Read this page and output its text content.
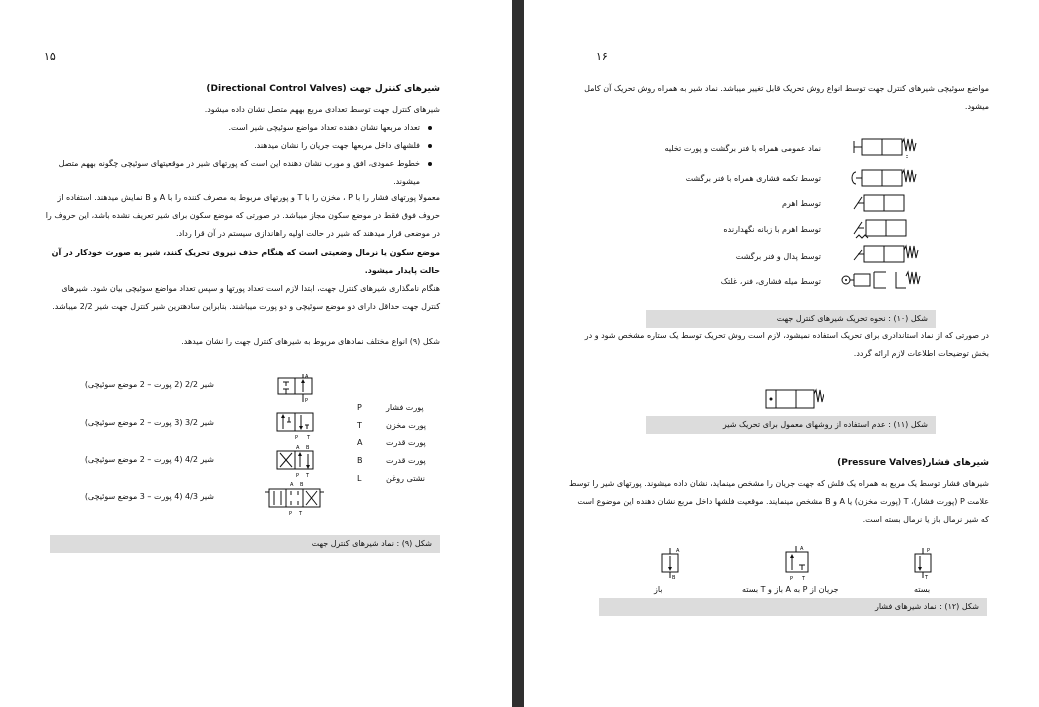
۱۵
شیرهای کنترل جهت (Directional Control Valves)
شیرهای کنترل جهت توسط تعدادی مربع بههم متصل نشان داده میشود.
تعداد مربعها نشان دهنده تعداد مواضع سوئیچی شیر است.
فلشهای داخل مربعها جهت جریان را نشان میدهند.
خطوط عمودی، افق و مورب نشان دهنده این است که پورتهای شیر در موقعیتهای سوئیچی چگونه بههم متصل میشوند.
معمولا پورتهای فشار را با P ، مخزن را با T و پورتهای مربوط به مصرف کننده را با A و B نمایش میدهند. استفاده از حروف فوق فقط در موضع سکون مجاز میباشد. در صورتی که موضع سکون برای شیر تعریف نشده باشد، این حروف را در موضعی قرار میدهند که شیر در حالت اولیه راهاندازی سیستم در آن قرا رداد.
موضع سکون یا نرمال وضعیتی است که هنگام حذف نیروی تحریک کنند، شیر به صورت خودکار در آن حالت پایدار میشود.
هنگام نامگذاری شیرهای کنترل جهت، ابتدا لازم است تعداد پورتها و سپس تعداد مواضع سوئیچی بیان شود. شیرهای کنترل جهت حداقل دارای دو موضع سوئیچی و دو پورت میباشند. بنابراین سادهترین شیر کنترل جهت شیر 2/2 میباشد.
شکل (۹) انواع مختلف نمادهای مربوط به شیرهای کنترل جهت را نشان میدهد.
شیر 2/2 (2 پورت – 2 موضع سوئیچی)
شیر 3/2 (3 پورت – 2 موضع سوئیچی)
شیر 4/2 (4 پورت – 2 موضع سوئیچی)
شیر 4/3 (4 پورت – 3 موضع سوئیچی)
A
P
P T
A B
P T
A B
P T
P	پورت فشار
T	پورت مخزن
A	پورت قدرت
B	پورت قدرت
L	نشتی روغن
شکل (۹) : نماد شیرهای کنترل جهت
۱۶
مواضع سوئیچی شیرهای کنترل جهت توسط انواع روش تحریک قابل تغییر میباشد. نماد شیر به همراه روش تحریک آن کامل میشود.
نماد عمومی همراه با فنر برگشت و پورت تخلیه
توسط تکمه فشاری همراه با فنر برگشت
توسط اهرم
توسط اهرم با زبانه نگهدارنده
توسط پدال و فنر برگشت
توسط میله فشاری، فنر، غلتک
شکل (۱۰) : نحوه تحریک شیرهای کنترل جهت
در صورتی که از نماد استاندادری برای تحریک استفاده نمیشود، لازم است روش تحریک توسط یک ستاره مشخص شود و در بخش توضیحات اطلاعات لازم ارائه گردد.
شکل (۱۱) : عدم استفاده از روشهای معمول برای تحریک شیر
شیرهای فشار(Pressure Valves)
شیرهای فشار توسط یک مربع به همراه یک فلش که جهت جریان را مشخص مینماید، نشان داده میشوند. پورتهای شیر را توسط علامت P (پورت فشار)، T (پورت مخزن) یا A و B مشخص مینمایند. موقعیت فلشها داخل مربع نشان دهنده این موضوع است که شیر نرمال باز یا نرمال بسته است.
A
B
A
P T
P
T
باز	جریان از P به A باز و T بسته	بسته
شکل (۱۲) : نماد شیرهای فشار
